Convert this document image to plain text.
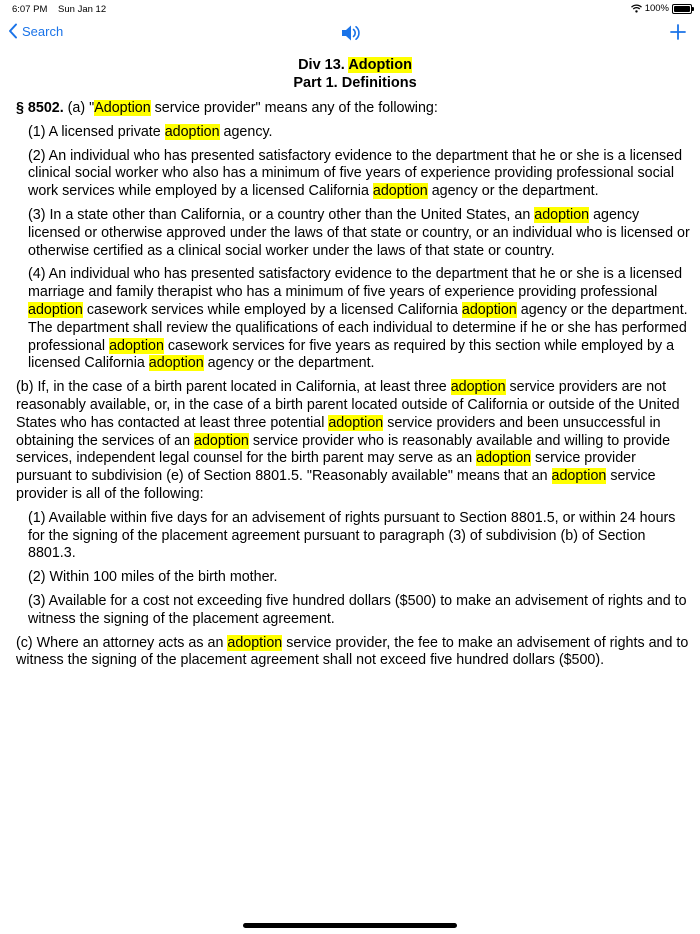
6:07 PM Sun Jan 12	100%
Search
Div 13. Adoption
Part 1. Definitions

§ 8502. (a) "Adoption service provider" means any of the following:

(1) A licensed private adoption agency.

(2) An individual who has presented satisfactory evidence to the department that he or she is a licensed clinical social worker who also has a minimum of five years of experience providing professional social work services while employed by a licensed California adoption agency or the department.

(3) In a state other than California, or a country other than the United States, an adoption agency licensed or otherwise approved under the laws of that state or country, or an individual who is licensed or otherwise certified as a clinical social worker under the laws of that state or country.

(4) An individual who has presented satisfactory evidence to the department that he or she is a licensed marriage and family therapist who has a minimum of five years of experience providing professional adoption casework services while employed by a licensed California adoption agency or the department. The department shall review the qualifications of each individual to determine if he or she has performed professional adoption casework services for five years as required by this section while employed by a licensed California adoption agency or the department.

(b) If, in the case of a birth parent located in California, at least three adoption service providers are not reasonably available, or, in the case of a birth parent located outside of California or outside of the United States who has contacted at least three potential adoption service providers and been unsuccessful in obtaining the services of an adoption service provider who is reasonably available and willing to provide services, independent legal counsel for the birth parent may serve as an adoption service provider pursuant to subdivision (e) of Section 8801.5. "Reasonably available" means that an adoption service provider is all of the following:

(1) Available within five days for an advisement of rights pursuant to Section 8801.5, or within 24 hours for the signing of the placement agreement pursuant to paragraph (3) of subdivision (b) of Section 8801.3.

(2) Within 100 miles of the birth mother.

(3) Available for a cost not exceeding five hundred dollars ($500) to make an advisement of rights and to witness the signing of the placement agreement.

(c) Where an attorney acts as an adoption service provider, the fee to make an advisement of rights and to witness the signing of the placement agreement shall not exceed five hundred dollars ($500).
